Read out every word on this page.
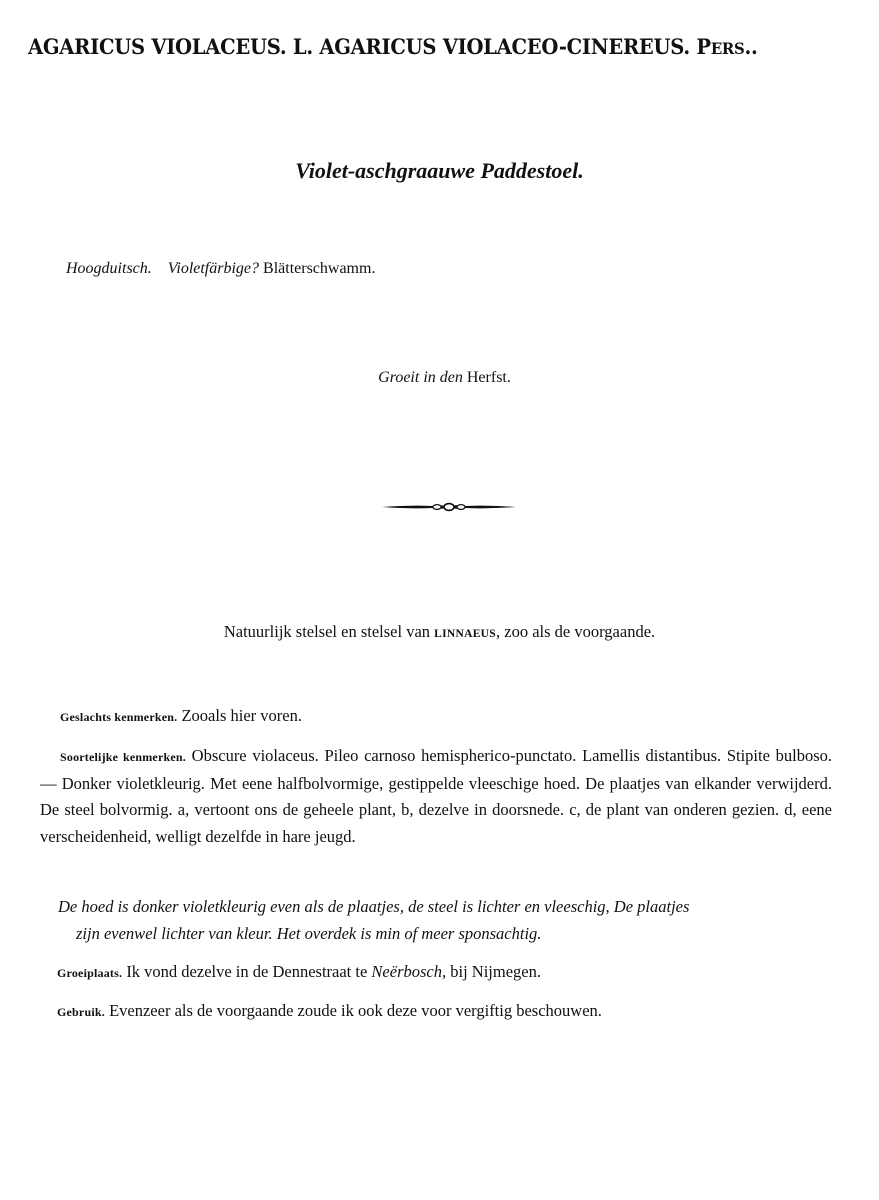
AGARICUS VIOLACEUS. L. AGARICUS VIOLACEO-CINEREUS. PERS..
Violet-aschgraauwe Paddestoel.
Hoogduitsch. Violetfärbige? Blätterschwamm.
Groeit in den Herfst.
Natuurlijk stelsel en stelsel van LINNAEUS, zoo als de voorgaande.
Geslachts kenmerken. Zooals hier voren.
Soortelijke kenmerken. Obscure violaceus. Pileo carnoso hemispherico-punctato. Lamellis distantibus. Stipite bulboso. — Donker violetkleurig. Met eene halfbolvormige, gestippelde vleeschige hoed. De plaatjes van elkander verwijderd. De steel bolvormig. a, vertoont ons de geheele plant, b, dezelve in doorsnede. c, de plant van onderen gezien. d, eene verscheidenheid, welligt dezelfde in hare jeugd.
De hoed is donker violetkleurig even als de plaatjes, de steel is lichter en vleeschig, De plaatjes
zijn evenwel lichter van kleur. Het overdek is min of meer sponsachtig.
Groeiplaats. Ik vond dezelve in de Dennestraat te Neërbosch, bij Nijmegen.
Gebruik. Evenzeer als de voorgaande zoude ik ook deze voor vergiftig beschouwen.
